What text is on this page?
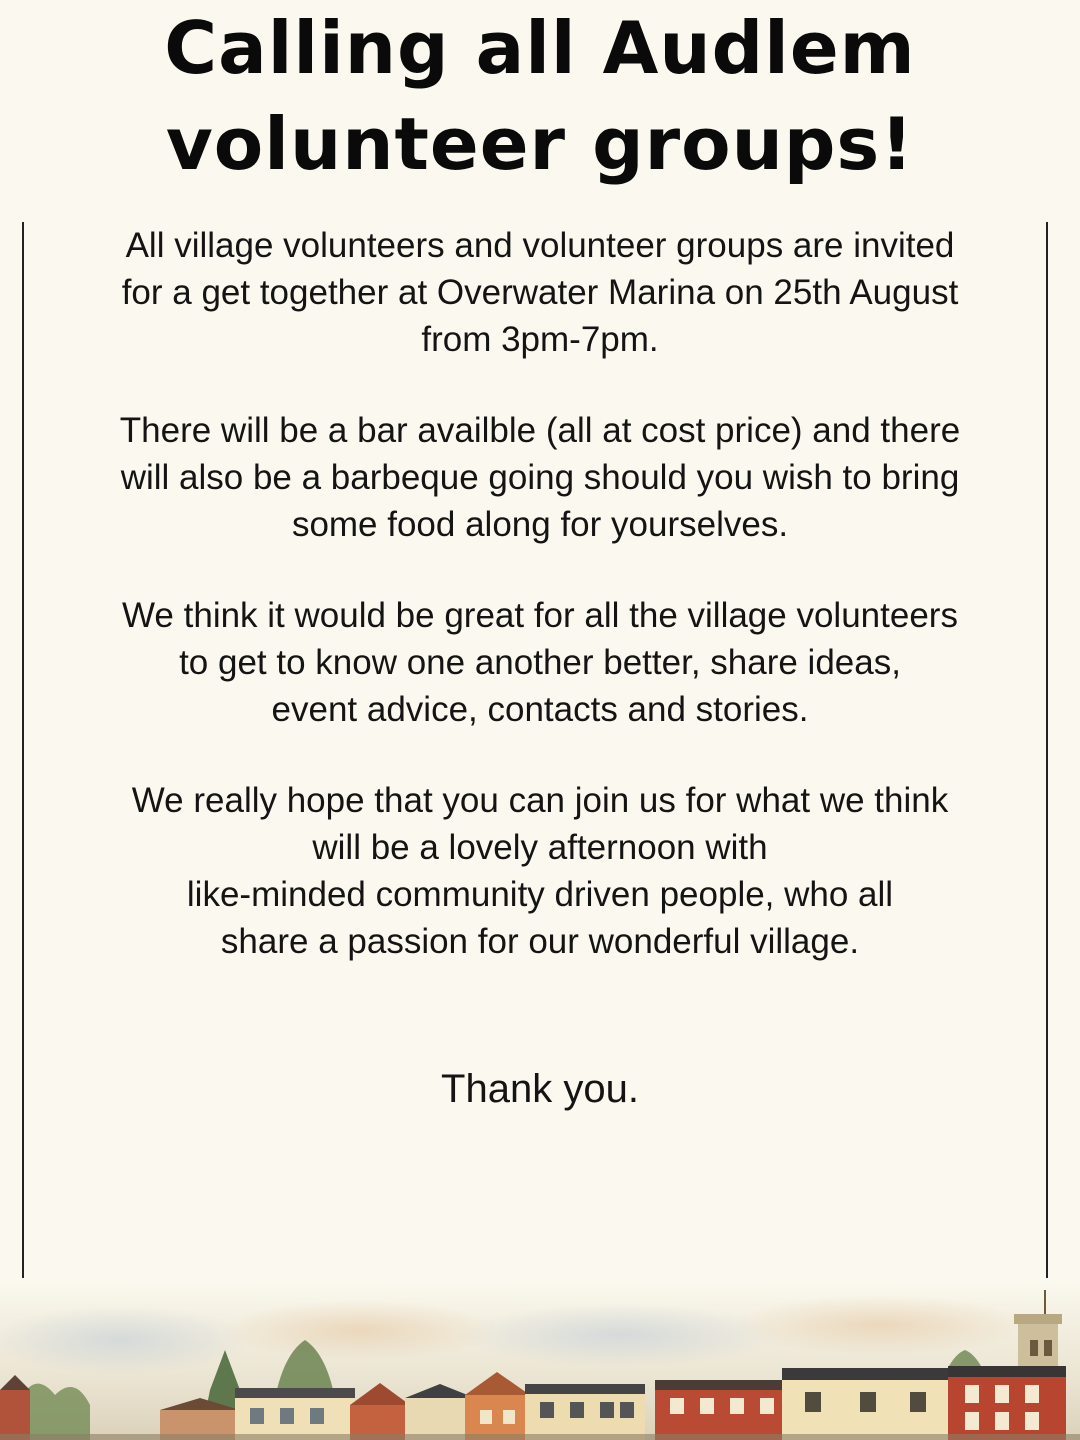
Calling all Audlem
volunteer groups!

All village volunteers and volunteer groups are invited
for a get together at Overwater Marina on 25th August
from 3pm-7pm.

There will be a bar availble (all at cost price) and there
will also be a barbeque going should you wish to bring
some food along for yourselves.

We think it would be great for all the village volunteers
to get to know one another better, share ideas,
event advice, contacts and stories.

We really hope that you can join us for what we think
will be a lovely afternoon with
like-minded community driven people, who all
share a passion for our wonderful village.

Thank you.
